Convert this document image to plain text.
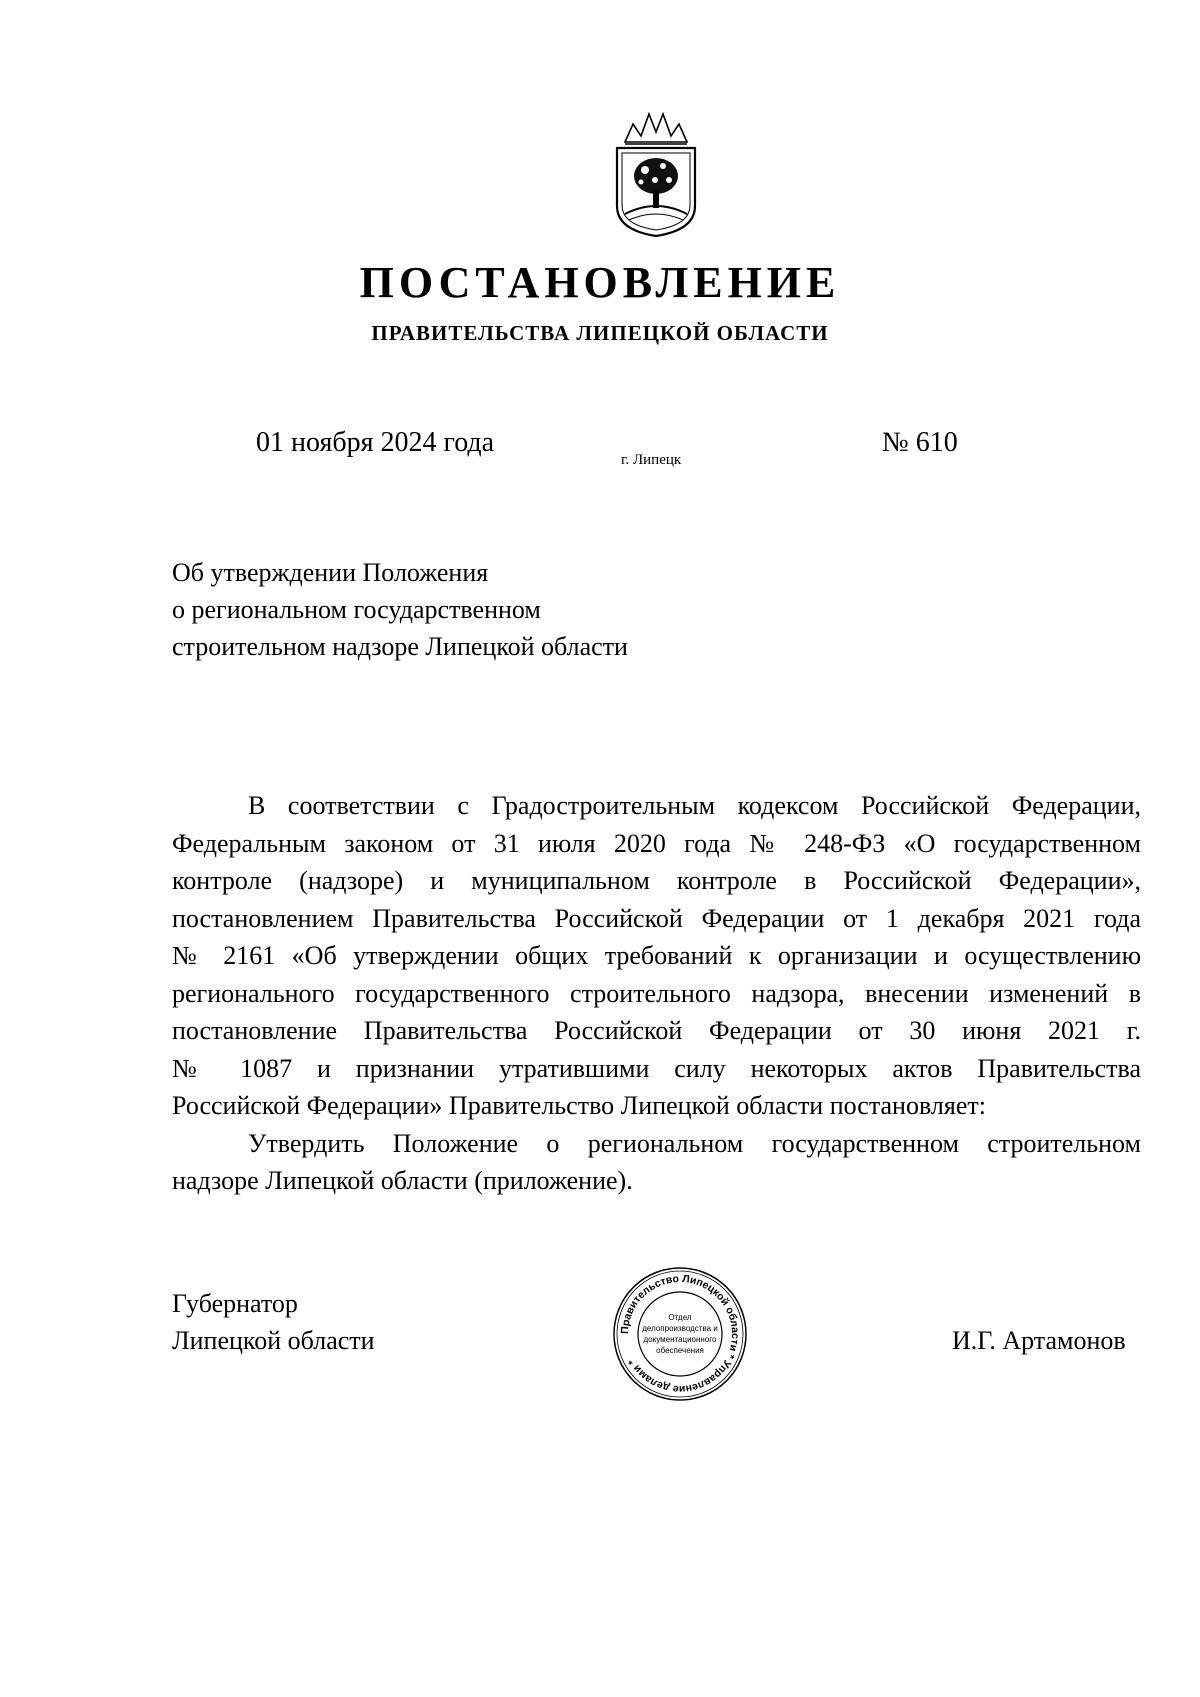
ПОСТАНОВЛЕНИЕ
ПРАВИТЕЛЬСТВА ЛИПЕЦКОЙ ОБЛАСТИ
01 ноября 2024 года
г. Липецк
№ 610
Об утверждении Положения
о региональном государственном
строительном надзоре Липецкой области
В соответствии с Градостроительным кодексом Российской Федерации,
Федеральным законом от 31 июля 2020 года № 248-ФЗ «О государственном
контроле (надзоре) и муниципальном контроле в Российской Федерации»,
постановлением Правительства Российской Федерации от 1 декабря 2021 года
№ 2161 «Об утверждении общих требований к организации и осуществлению
регионального государственного строительного надзора, внесении изменений в
постановление Правительства Российской Федерации от 30 июня 2021 г.
№ 1087 и признании утратившими силу некоторых актов Правительства
Российской Федерации» Правительство Липецкой области постановляет:
Утвердить Положение о региональном государственном строительном
надзоре Липецкой области (приложение).
Губернатор
Липецкой области	И.Г. Артамонов
Правительство Липецкой области * Управление делами *
Отдел
делопроизводства и
документационного
обеспечения
